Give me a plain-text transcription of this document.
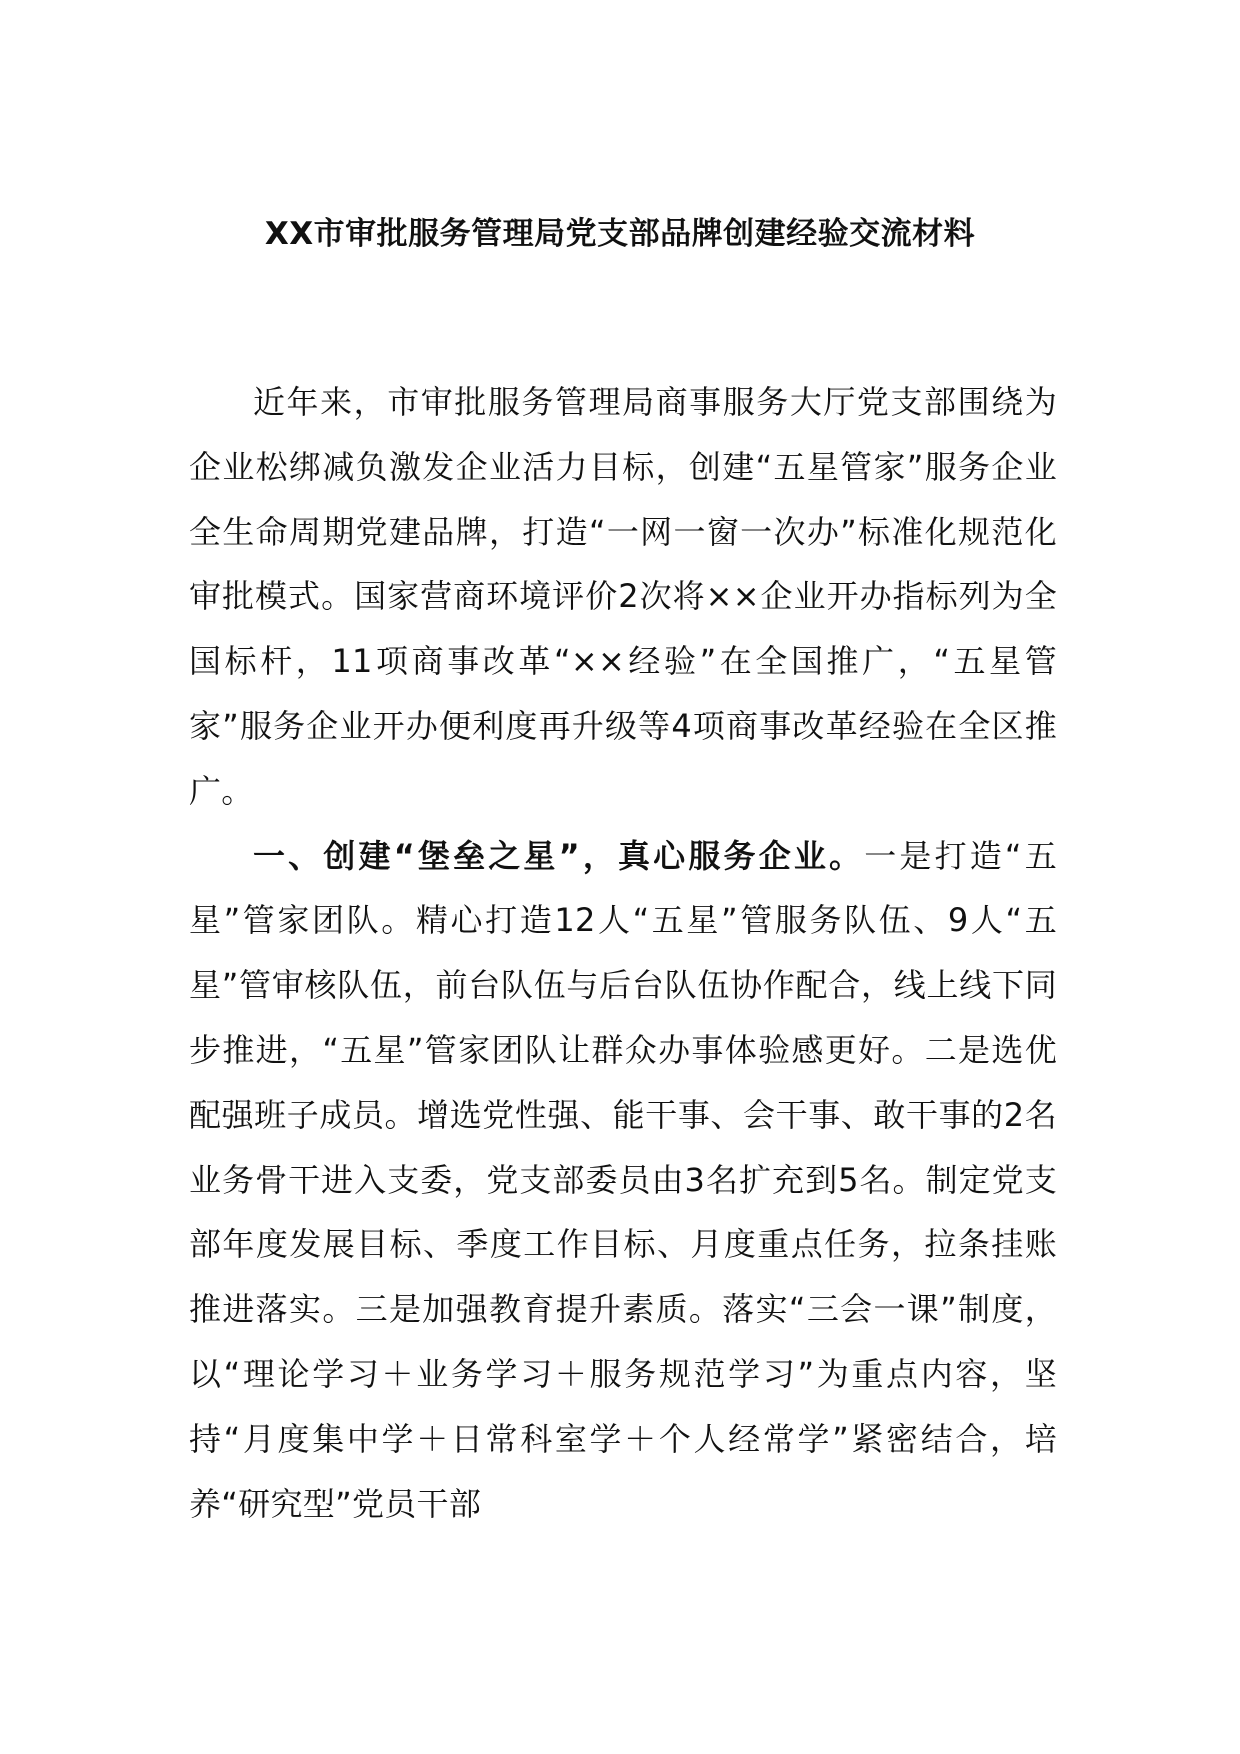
XX市审批服务管理局党支部品牌创建经验交流材料

近年来，市审批服务管理局商事服务大厅党支部围绕为企业松绑减负激发企业活力目标，创建“五星管家”服务企业全生命周期党建品牌，打造“一网一窗一次办”标准化规范化审批模式。国家营商环境评价2次将××企业开办指标列为全国标杆，11项商事改革“××经验”在全国推广，“五星管家”服务企业开办便利度再升级等4项商事改革经验在全区推广。

一、创建“堡垒之星”，真心服务企业。一是打造“五星”管家团队。精心打造12人“五星”管服务队伍、9人“五星”管审核队伍，前台队伍与后台队伍协作配合，线上线下同步推进，“五星”管家团队让群众办事体验感更好。二是选优配强班子成员。增选党性强、能干事、会干事、敢干事的2名业务骨干进入支委，党支部委员由3名扩充到5名。制定党支部年度发展目标、季度工作目标、月度重点任务，拉条挂账推进落实。三是加强教育提升素质。落实“三会一课”制度，以“理论学习＋业务学习＋服务规范学习”为重点内容，坚持“月度集中学＋日常科室学＋个人经常学”紧密结合，培养“研究型”党员干部
